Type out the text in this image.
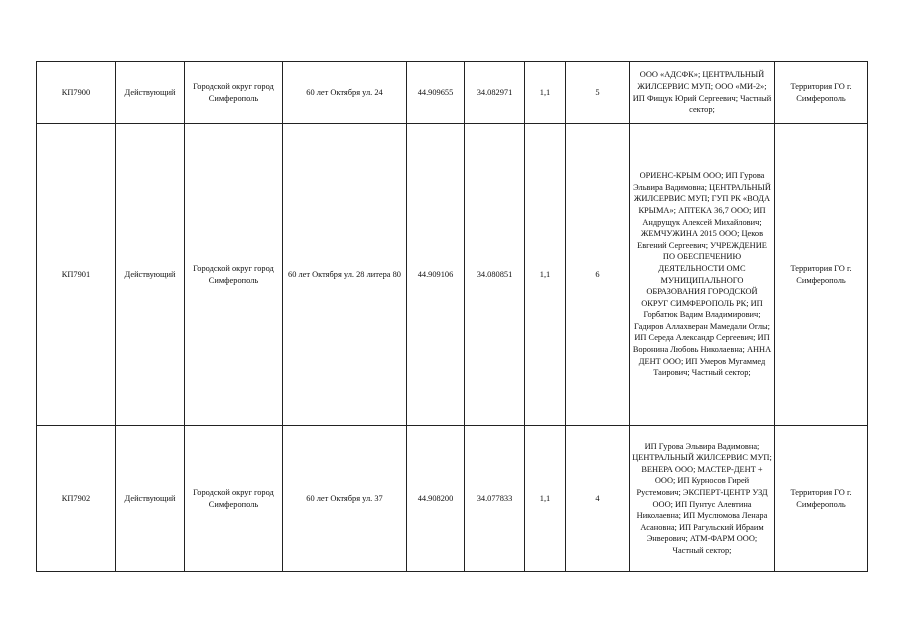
КП7900	Действующий	Городской округ город Симферополь	60 лет Октября ул. 24	44.909655	34.082971	1,1	5	ООО «АДСФК»; ЦЕНТРАЛЬНЫЙ ЖИЛСЕРВИС МУП; ООО «МИ-2»; ИП Фищук Юрий Сергеевич; Частный сектор;	Территория ГО г. Симферополь
КП7901	Действующий	Городской округ город Симферополь	60 лет Октября ул. 28 литера 80	44.909106	34.080851	1,1	6	ОРИЕНС-КРЫМ ООО; ИП Гурова Эльвира Вадимовна; ЦЕНТРАЛЬНЫЙ ЖИЛСЕРВИС МУП; ГУП РК «ВОДА КРЫМА»; АПТЕКА 36,7 ООО; ИП Андрущук Алексей Михайлович; ЖЕМЧУЖИНА 2015 ООО; Цеков Евгений Сергеевич; УЧРЕЖДЕНИЕ ПО ОБЕСПЕЧЕНИЮ ДЕЯТЕЛЬНОСТИ ОМС МУНИЦИПАЛЬНОГО ОБРАЗОВАНИЯ ГОРОДСКОЙ ОКРУГ СИМФЕРОПОЛЬ РК; ИП Горбатюк Вадим Владимирович; Гадиров Аллахверан Мамедали Оглы; ИП Середа Александр Сергеевич; ИП Воронина Любовь Николаевна; АННА ДЕНТ ООО; ИП Умеров Мугаммед Таирович; Частный сектор;	Территория ГО г. Симферополь
КП7902	Действующий	Городской округ город Симферополь	60 лет Октября ул. 37	44.908200	34.077833	1,1	4	ИП Гурова Эльвира Вадимовна; ЦЕНТРАЛЬНЫЙ ЖИЛСЕРВИС МУП; ВЕНЕРА ООО; МАСТЕР-ДЕНТ + ООО; ИП Курносов Гирей Рустемович; ЭКСПЕРТ-ЦЕНТР УЗД ООО; ИП Пунтус Алевтина Николаевна; ИП Муслюмова Ленара Асановна; ИП Рагульский Ибраим Энверович; АТМ-ФАРМ ООО; Частный сектор;	Территория ГО г. Симферополь
